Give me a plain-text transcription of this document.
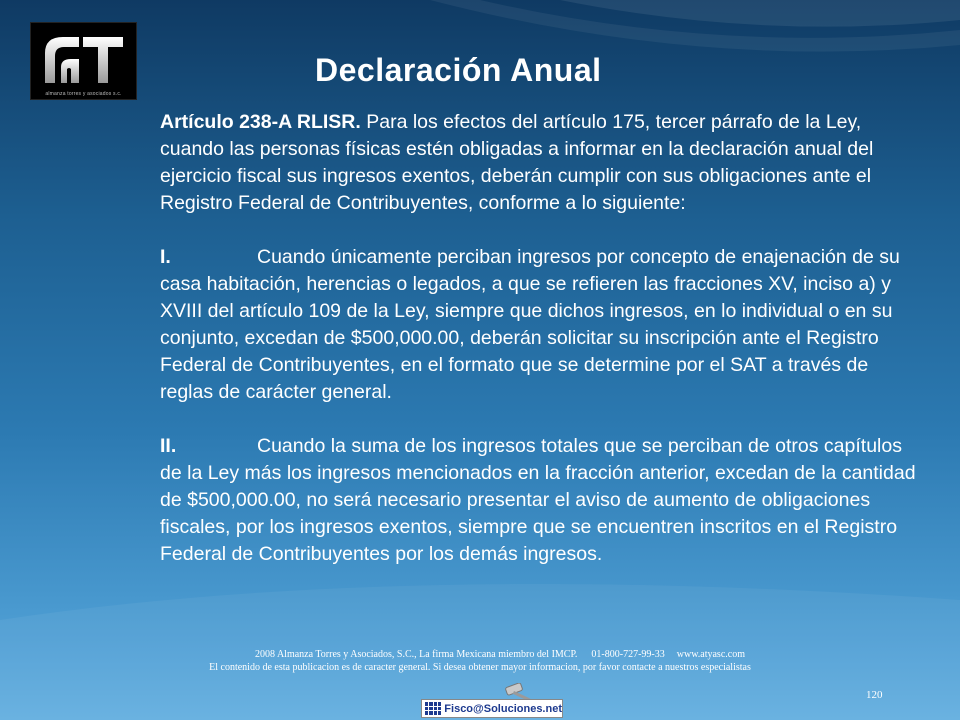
almanza torres y asociados s.c.
Declaración Anual

Artículo 238-A RLISR. Para los efectos del artículo 175, tercer párrafo de la Ley, cuando las personas físicas estén obligadas a informar en la declaración anual del ejercicio fiscal sus ingresos exentos, deberán cumplir con sus obligaciones ante el Registro Federal de Contribuyentes, conforme a lo siguiente:

I.	Cuando únicamente perciban ingresos por concepto de enajenación de su casa habitación, herencias o legados, a que se refieren las fracciones XV, inciso a) y XVIII del artículo 109 de la Ley, siempre que dichos ingresos, en lo individual o en su conjunto, excedan de $500,000.00, deberán solicitar su inscripción ante el Registro Federal de Contribuyentes, en el formato que se determine por el SAT a través de reglas de carácter general.

II.	Cuando la suma de los ingresos totales que se perciban de otros capítulos de la Ley más los ingresos mencionados en la fracción anterior, excedan de la cantidad de $500,000.00, no será necesario presentar el aviso de aumento de obligaciones fiscales, por los ingresos exentos, siempre que se encuentren inscritos en el Registro Federal de Contribuyentes por los demás ingresos.

2008 Almanza Torres y Asociados, S.C., La firma Mexicana miembro del IMCP. 01-800-727-99-33 www.atyasc.com
El contenido de esta publicacion es de caracter general. Si desea obtener mayor informacion, por favor contacte a nuestros especialistas
120
Fisco@Soluciones.net
